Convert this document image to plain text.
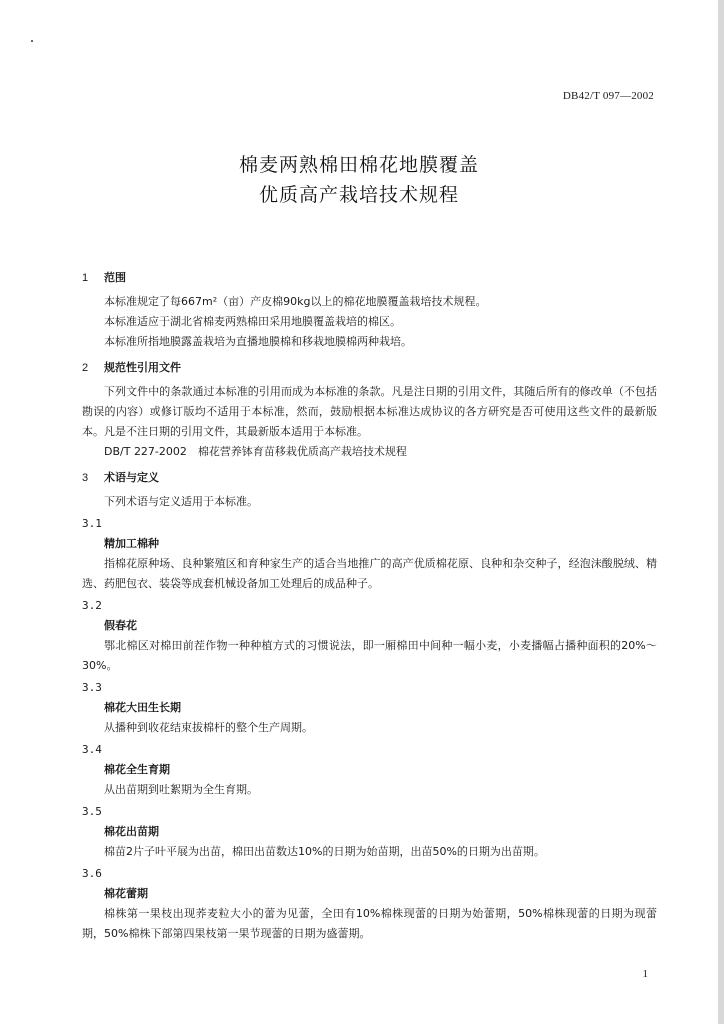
DB42/T 097—2002
棉麦两熟棉田棉花地膜覆盖
优质高产栽培技术规程
1 范围

本标准规定了每667m²（亩）产皮棉90kg以上的棉花地膜覆盖栽培技术规程。

本标准适应于湖北省棉麦两熟棉田采用地膜覆盖栽培的棉区。

本标准所指地膜露盖栽培为直播地膜棉和移栽地膜棉两种栽培。

2 规范性引用文件

下列文件中的条款通过本标准的引用而成为本标准的条款。凡是注日期的引用文件，其随后所有的修改单（不包括勘误的内容）或修订版均不适用于本标准，然而，鼓励根据本标准达成协议的各方研究是否可使用这些文件的最新版本。凡是不注日期的引用文件，其最新版本适用于本标准。

DB/T 227-2002　棉花营养钵育苗移栽优质高产栽培技术规程

3 术语与定义

下列术语与定义适用于本标准。

3.1

精加工棉种

指棉花原种场、良种繁殖区和育种家生产的适合当地推广的高产优质棉花原、良种和杂交种子，经泡沫酸脱绒、精选、药肥包衣、装袋等成套机械设备加工处理后的成品种子。

3.2

假春花

鄂北棉区对棉田前茬作物一种种植方式的习惯说法，即一厢棉田中间种一幅小麦，小麦播幅占播种面积的20%～30%。

3.3

棉花大田生长期

从播种到收花结束拔棉杆的整个生产周期。

3.4

棉花全生育期

从出苗期到吐絮期为全生育期。

3.5

棉花出苗期

棉苗2片子叶平展为出苗，棉田出苗数达10%的日期为始苗期，出苗50%的日期为出苗期。

3.6

棉花蕾期

棉株第一果枝出现荞麦粒大小的蕾为见蕾，全田有10%棉株现蕾的日期为始蕾期，50%棉株现蕾的日期为现蕾期，50%棉株下部第四果枝第一果节现蕾的日期为盛蕾期。

1
